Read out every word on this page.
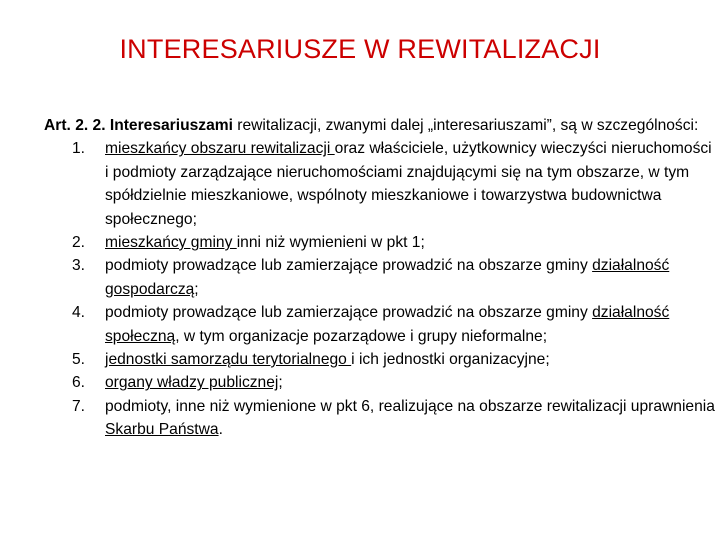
INTERESARIUSZE W REWITALIZACJI
Art. 2. 2. Interesariuszami rewitalizacji, zwanymi dalej „interesariuszami”, są w szczególności:
1. mieszkańcy obszaru rewitalizacji oraz właściciele, użytkownicy wieczyści nieruchomości i podmioty zarządzające nieruchomościami znajdującymi się na tym obszarze, w tym spółdzielnie mieszkaniowe, wspólnoty mieszkaniowe i towarzystwa budownictwa społecznego;
2. mieszkańcy gminy inni niż wymienieni w pkt 1;
3. podmioty prowadzące lub zamierzające prowadzić na obszarze gminy działalność gospodarczą;
4. podmioty prowadzące lub zamierzające prowadzić na obszarze gminy działalność społeczną, w tym organizacje pozarządowe i grupy nieformalne;
5. jednostki samorządu terytorialnego i ich jednostki organizacyjne;
6. organy władzy publicznej;
7. podmioty, inne niż wymienione w pkt 6, realizujące na obszarze rewitalizacji uprawnienia Skarbu Państwa.
